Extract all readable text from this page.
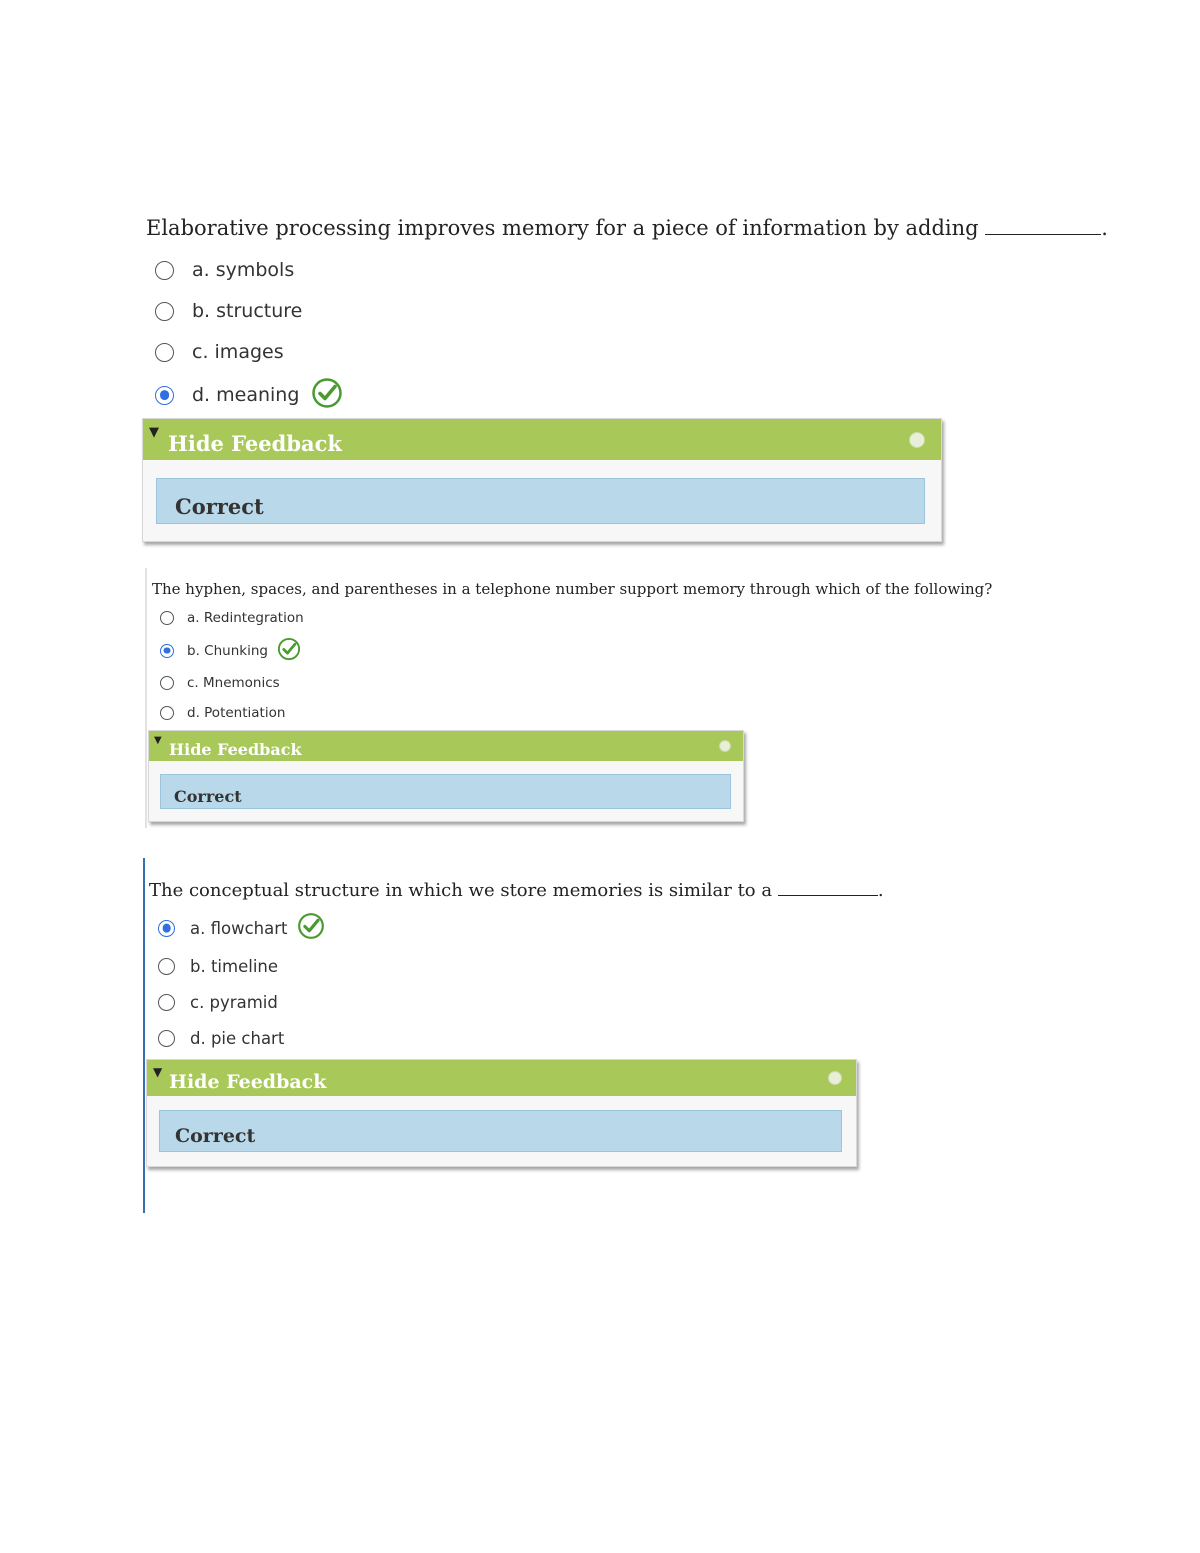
Elaborative processing improves memory for a piece of information by adding	.
a. symbols
b. structure
c. images
d. meaning
▼ Hide Feedback
Correct
The hyphen, spaces, and parentheses in a telephone number support memory through which of the following?
a. Redintegration
b. Chunking
c. Mnemonics
d. Potentiation
▼ Hide Feedback
Correct
The conceptual structure in which we store memories is similar to a	.
a. flowchart
b. timeline
c. pyramid
d. pie chart
▼ Hide Feedback
Correct
